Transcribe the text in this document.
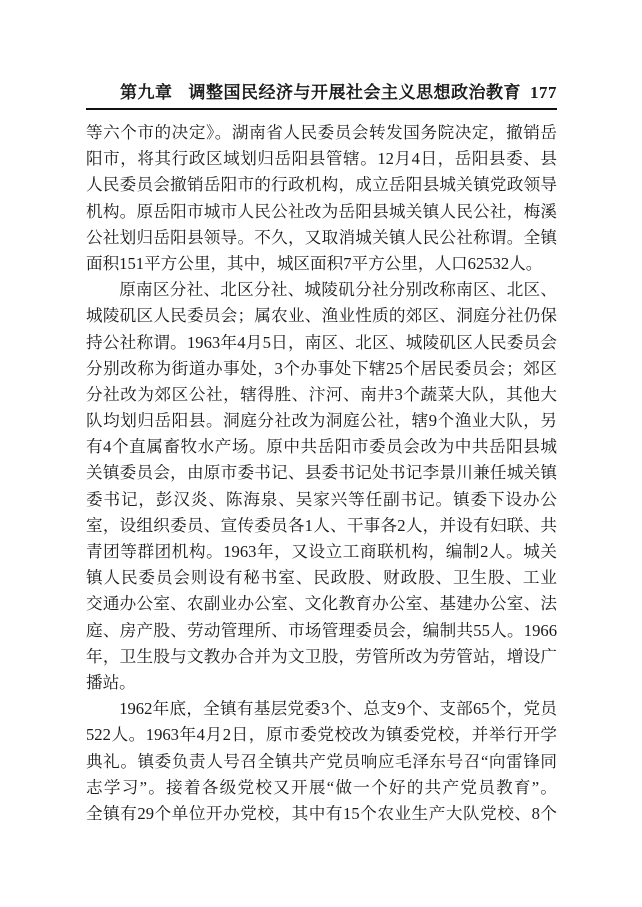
第九章 调整国民经济与开展社会主义思想政治教育 177
等六个市的决定》。湖南省人民委员会转发国务院决定，撤销岳
阳市，将其行政区域划归岳阳县管辖。12月4日，岳阳县委、县
人民委员会撤销岳阳市的行政机构，成立岳阳县城关镇党政领导
机构。原岳阳市城市人民公社改为岳阳县城关镇人民公社，梅溪
公社划归岳阳县领导。不久，又取消城关镇人民公社称谓。全镇
面积151平方公里，其中，城区面积7平方公里，人口62532人。
原南区分社、北区分社、城陵矶分社分别改称南区、北区、
城陵矶区人民委员会；属农业、渔业性质的郊区、洞庭分社仍保
持公社称谓。1963年4月5日，南区、北区、城陵矶区人民委员会
分别改称为街道办事处，3个办事处下辖25个居民委员会；郊区
分社改为郊区公社，辖得胜、汴河、南井3个蔬菜大队，其他大
队均划归岳阳县。洞庭分社改为洞庭公社，辖9个渔业大队，另
有4个直属畜牧水产场。原中共岳阳市委员会改为中共岳阳县城
关镇委员会，由原市委书记、县委书记处书记李景川兼任城关镇
委书记，彭汉炎、陈海泉、吴家兴等任副书记。镇委下设办公
室，设组织委员、宣传委员各1人、干事各2人，并设有妇联、共
青团等群团机构。1963年，又设立工商联机构，编制2人。城关
镇人民委员会则设有秘书室、民政股、财政股、卫生股、工业
交通办公室、农副业办公室、文化教育办公室、基建办公室、法
庭、房产股、劳动管理所、市场管理委员会，编制共55人。1966
年，卫生股与文教办合并为文卫股，劳管所改为劳管站，增设广
播站。
1962年底，全镇有基层党委3个、总支9个、支部65个，党员
522人。1963年4月2日，原市委党校改为镇委党校，并举行开学
典礼。镇委负责人号召全镇共产党员响应毛泽东号召“向雷锋同
志学习”。接着各级党校又开展“做一个好的共产党员教育”。
全镇有29个单位开办党校，其中有15个农业生产大队党校、8个
